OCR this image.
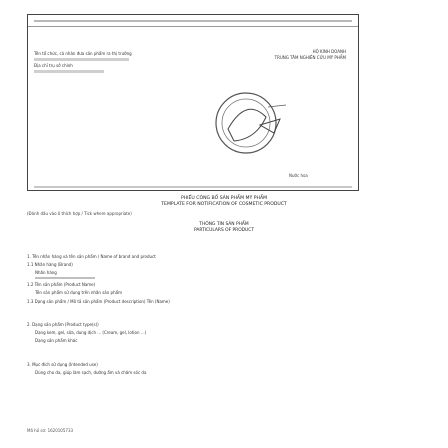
Tên tổ chức, cá nhân đưa sản phẩm ra thị trường
Địa chỉ trụ sở chính
HỘ KINH DOANH
TRUNG TÂM NGHIÊN CỨU MỸ PHẨM
Nước hoa
PHIẾU CÔNG BỐ SẢN PHẨM MỸ PHẨM
TEMPLATE FOR NOTIFICATION OF COSMETIC PRODUCT
(Đánh dấu vào ô thích hợp / Tick where appropriate)
THÔNG TIN SẢN PHẨM
PARTICULARS OF PRODUCT
1. Tên nhãn hàng và tên sản phẩm / Name of brand and product
1.1 Nhãn hàng (Brand)
Nhãn hàng
1.2 Tên sản phẩm (Product Name)
Tên sản phẩm sử dụng trên nhãn sản phẩm
1.3 Dạng sản phẩm / Mô tả sản phẩm (Product description) Tên (Name)
2. Dạng sản phẩm (Product type(s))
Dạng kem, gel, sữa, dung dịch ... (Cream, gel, lotion ...)
Dạng sản phẩm khác
3. Mục đích sử dụng (Intended use)
Dùng cho da, giúp làm sạch, dưỡng ẩm và chăm sóc da
Mã hồ sơ: 1620105733
